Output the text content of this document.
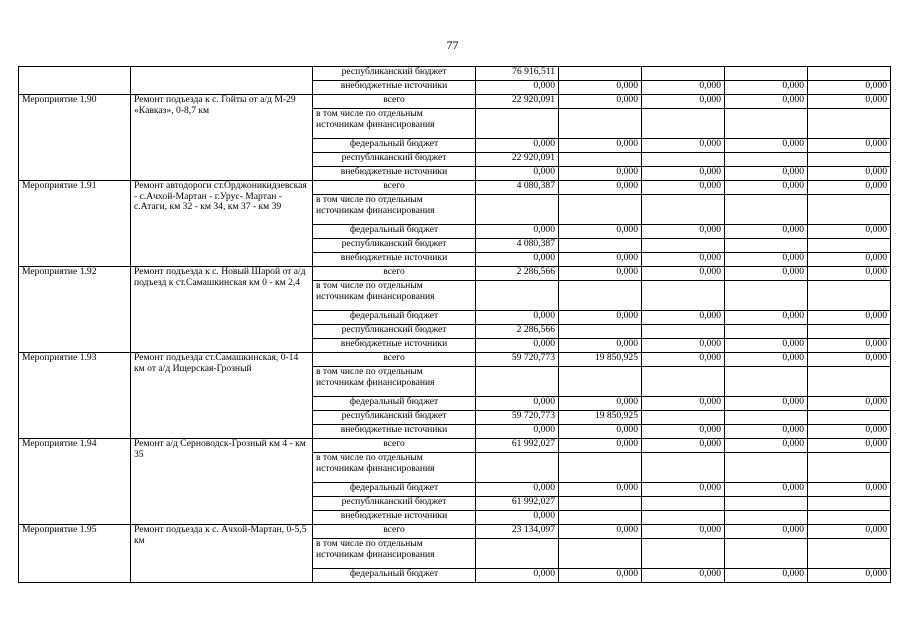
77
		республиканский бюджет	76 916,511				
		внебюджетные источники	0,000	0,000	0,000	0,000	0,000
Мероприятие 1.90	Ремонт подъезда к с. Гойты от а/д М-29 «Кавказ», 0-8,7 км	всего	22 920,091	0,000	0,000	0,000	0,000
		в том числе по отдельным источникам финансирования					
		федеральный бюджет	0,000	0,000	0,000	0,000	0,000
		республиканский бюджет	22 920,091				
		внебюджетные источники	0,000	0,000	0,000	0,000	0,000
Мероприятие 1.91	Ремонт автодороги ст.Орджоникидзевская - с.Ачхой-Мартан - г.Урус- Мартан - с.Атаги, км 32 - км 34, км 37 - км 39	всего	4 080,387	0,000	0,000	0,000	0,000
		в том числе по отдельным источникам финансирования					
		федеральный бюджет	0,000	0,000	0,000	0,000	0,000
		республиканский бюджет	4 080,387				
		внебюджетные источники	0,000	0,000	0,000	0,000	0,000
Мероприятие 1.92	Ремонт подъезда к с. Новый Шарой от а/д подъезд к ст.Самашкинская км 0 - км 2,4	всего	2 286,566	0,000	0,000	0,000	0,000
		в том числе по отдельным источникам финансирования					
		федеральный бюджет	0,000	0,000	0,000	0,000	0,000
		республиканский бюджет	2 286,566				
		внебюджетные источники	0,000	0,000	0,000	0,000	0,000
Мероприятие 1.93	Ремонт подъезда ст.Самашкинская, 0-14 км от а/д Ищерская-Грозный	всего	59 720,773	19 850,925	0,000	0,000	0,000
		в том числе по отдельным источникам финансирования					
		федеральный бюджет	0,000	0,000	0,000	0,000	0,000
		республиканский бюджет	59 720,773	19 850,925			
		внебюджетные источники	0,000	0,000	0,000	0,000	0,000
Мероприятие 1.94	Ремонт а/д Серноводск-Грозный км 4 - км 35	всего	61 992,027	0,000	0,000	0,000	0,000
		в том числе по отдельным источникам финансирования					
		федеральный бюджет	0,000	0,000	0,000	0,000	0,000
		республиканский бюджет	61 992,027				
		внебюджетные источники	0,000				
Мероприятие 1.95	Ремонт подъезда к с. Ачхой-Мартан, 0-5,5 км	всего	23 134,097	0,000	0,000	0,000	0,000
		в том числе по отдельным источникам финансирования					
		федеральный бюджет	0,000	0,000	0,000	0,000	0,000
